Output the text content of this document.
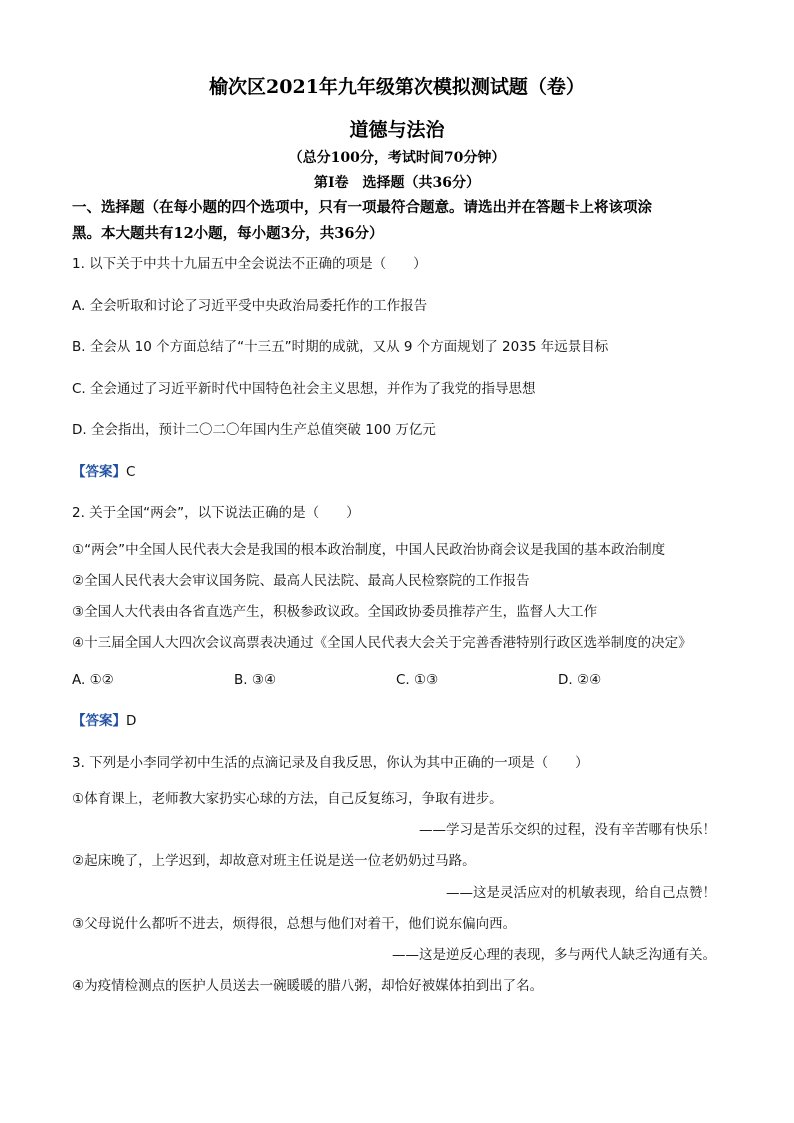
榆次区2021年九年级第次模拟测试题（卷）
道德与法治
（总分100分，考试时间70分钟）
第Ⅰ卷　选择题（共36分）
一、选择题（在每小题的四个选项中，只有一项最符合题意。请选出并在答题卡上将该项涂
黑。本大题共有12小题，每小题3分，共36分）
1. 以下关于中共十九届五中全会说法不正确的项是（　　）
A. 全会听取和讨论了习近平受中央政治局委托作的工作报告
B. 全会从 10 个方面总结了“十三五”时期的成就，又从 9 个方面规划了 2035 年远景目标
C. 全会通过了习近平新时代中国特色社会主义思想，并作为了我党的指导思想
D. 全会指出，预计二〇二〇年国内生产总值突破 100 万亿元
【答案】C
2. 关于全国“两会”，以下说法正确的是（　　）
①“两会”中全国人民代表大会是我国的根本政治制度，中国人民政治协商会议是我国的基本政治制度
②全国人民代表大会审议国务院、最高人民法院、最高人民检察院的工作报告
③全国人大代表由各省直选产生，积极参政议政。全国政协委员推荐产生，监督人大工作
④十三届全国人大四次会议高票表决通过《全国人民代表大会关于完善香港特别行政区选举制度的决定》
A. ①②	B. ③④	C. ①③	D. ②④
【答案】D
3. 下列是小李同学初中生活的点滴记录及自我反思，你认为其中正确的一项是（　　）
①体育课上，老师教大家扔实心球的方法，自己反复练习，争取有进步。
——学习是苦乐交织的过程，没有辛苦哪有快乐！
②起床晚了，上学迟到，却故意对班主任说是送一位老奶奶过马路。
——这是灵活应对的机敏表现，给自己点赞！
③父母说什么都听不进去，烦得很，总想与他们对着干，他们说东偏向西。
——这是逆反心理的表现，多与两代人缺乏沟通有关。
④为疫情检测点的医护人员送去一碗暖暖的腊八粥，却恰好被媒体拍到出了名。
